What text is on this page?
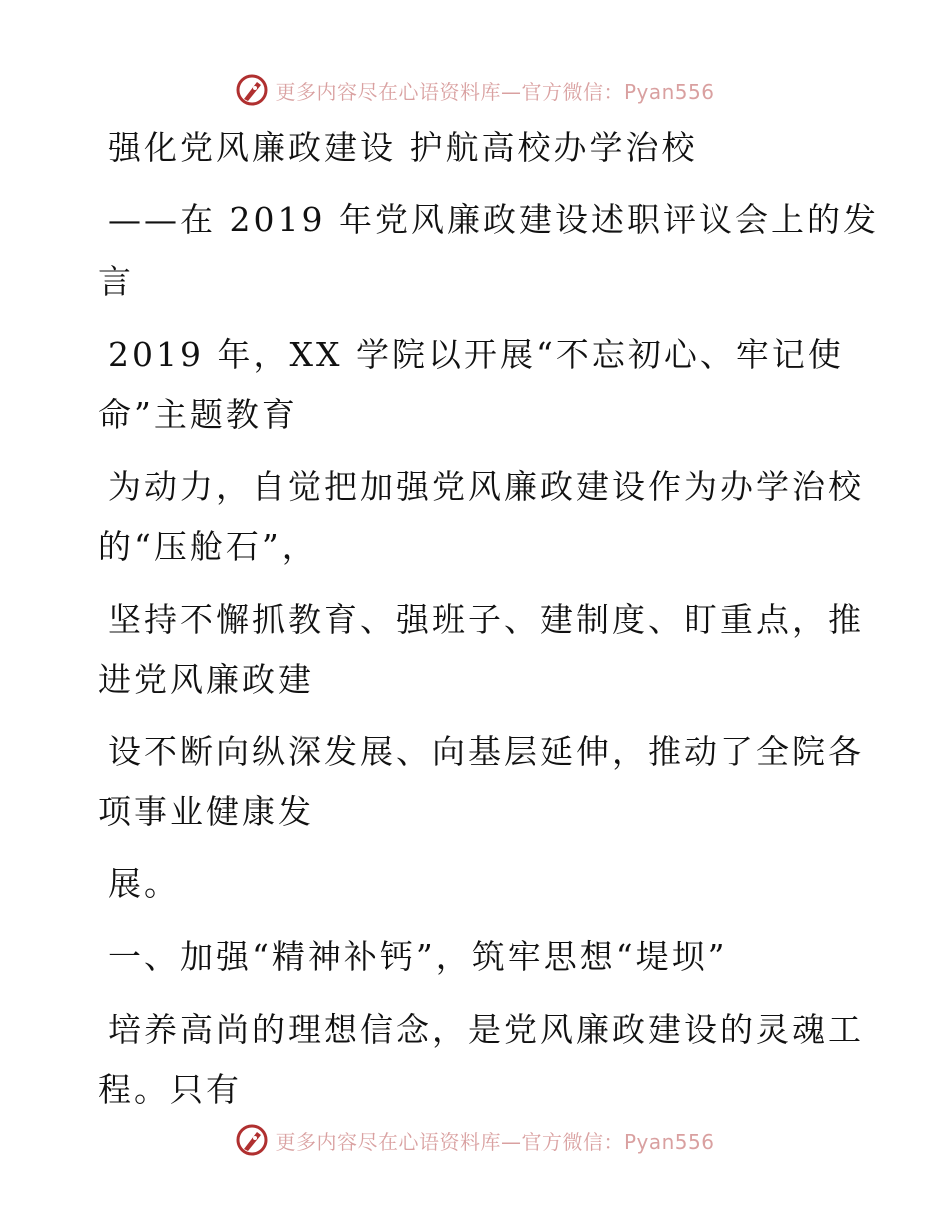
更多内容尽在心语资料库—官方微信：Pyan556
强化党风廉政建设 护航高校办学治校
——在 2019 年党风廉政建设述职评议会上的发
言
2019 年，XX 学院以开展“不忘初心、牢记使
命”主题教育
为动力，自觉把加强党风廉政建设作为办学治校
的“压舱石”，
坚持不懈抓教育、强班子、建制度、盯重点，推
进党风廉政建
设不断向纵深发展、向基层延伸，推动了全院各
项事业健康发
展。
一、加强“精神补钙”，筑牢思想“堤坝”
培养高尚的理想信念，是党风廉政建设的灵魂工
程。只有
更多内容尽在心语资料库—官方微信：Pyan556
